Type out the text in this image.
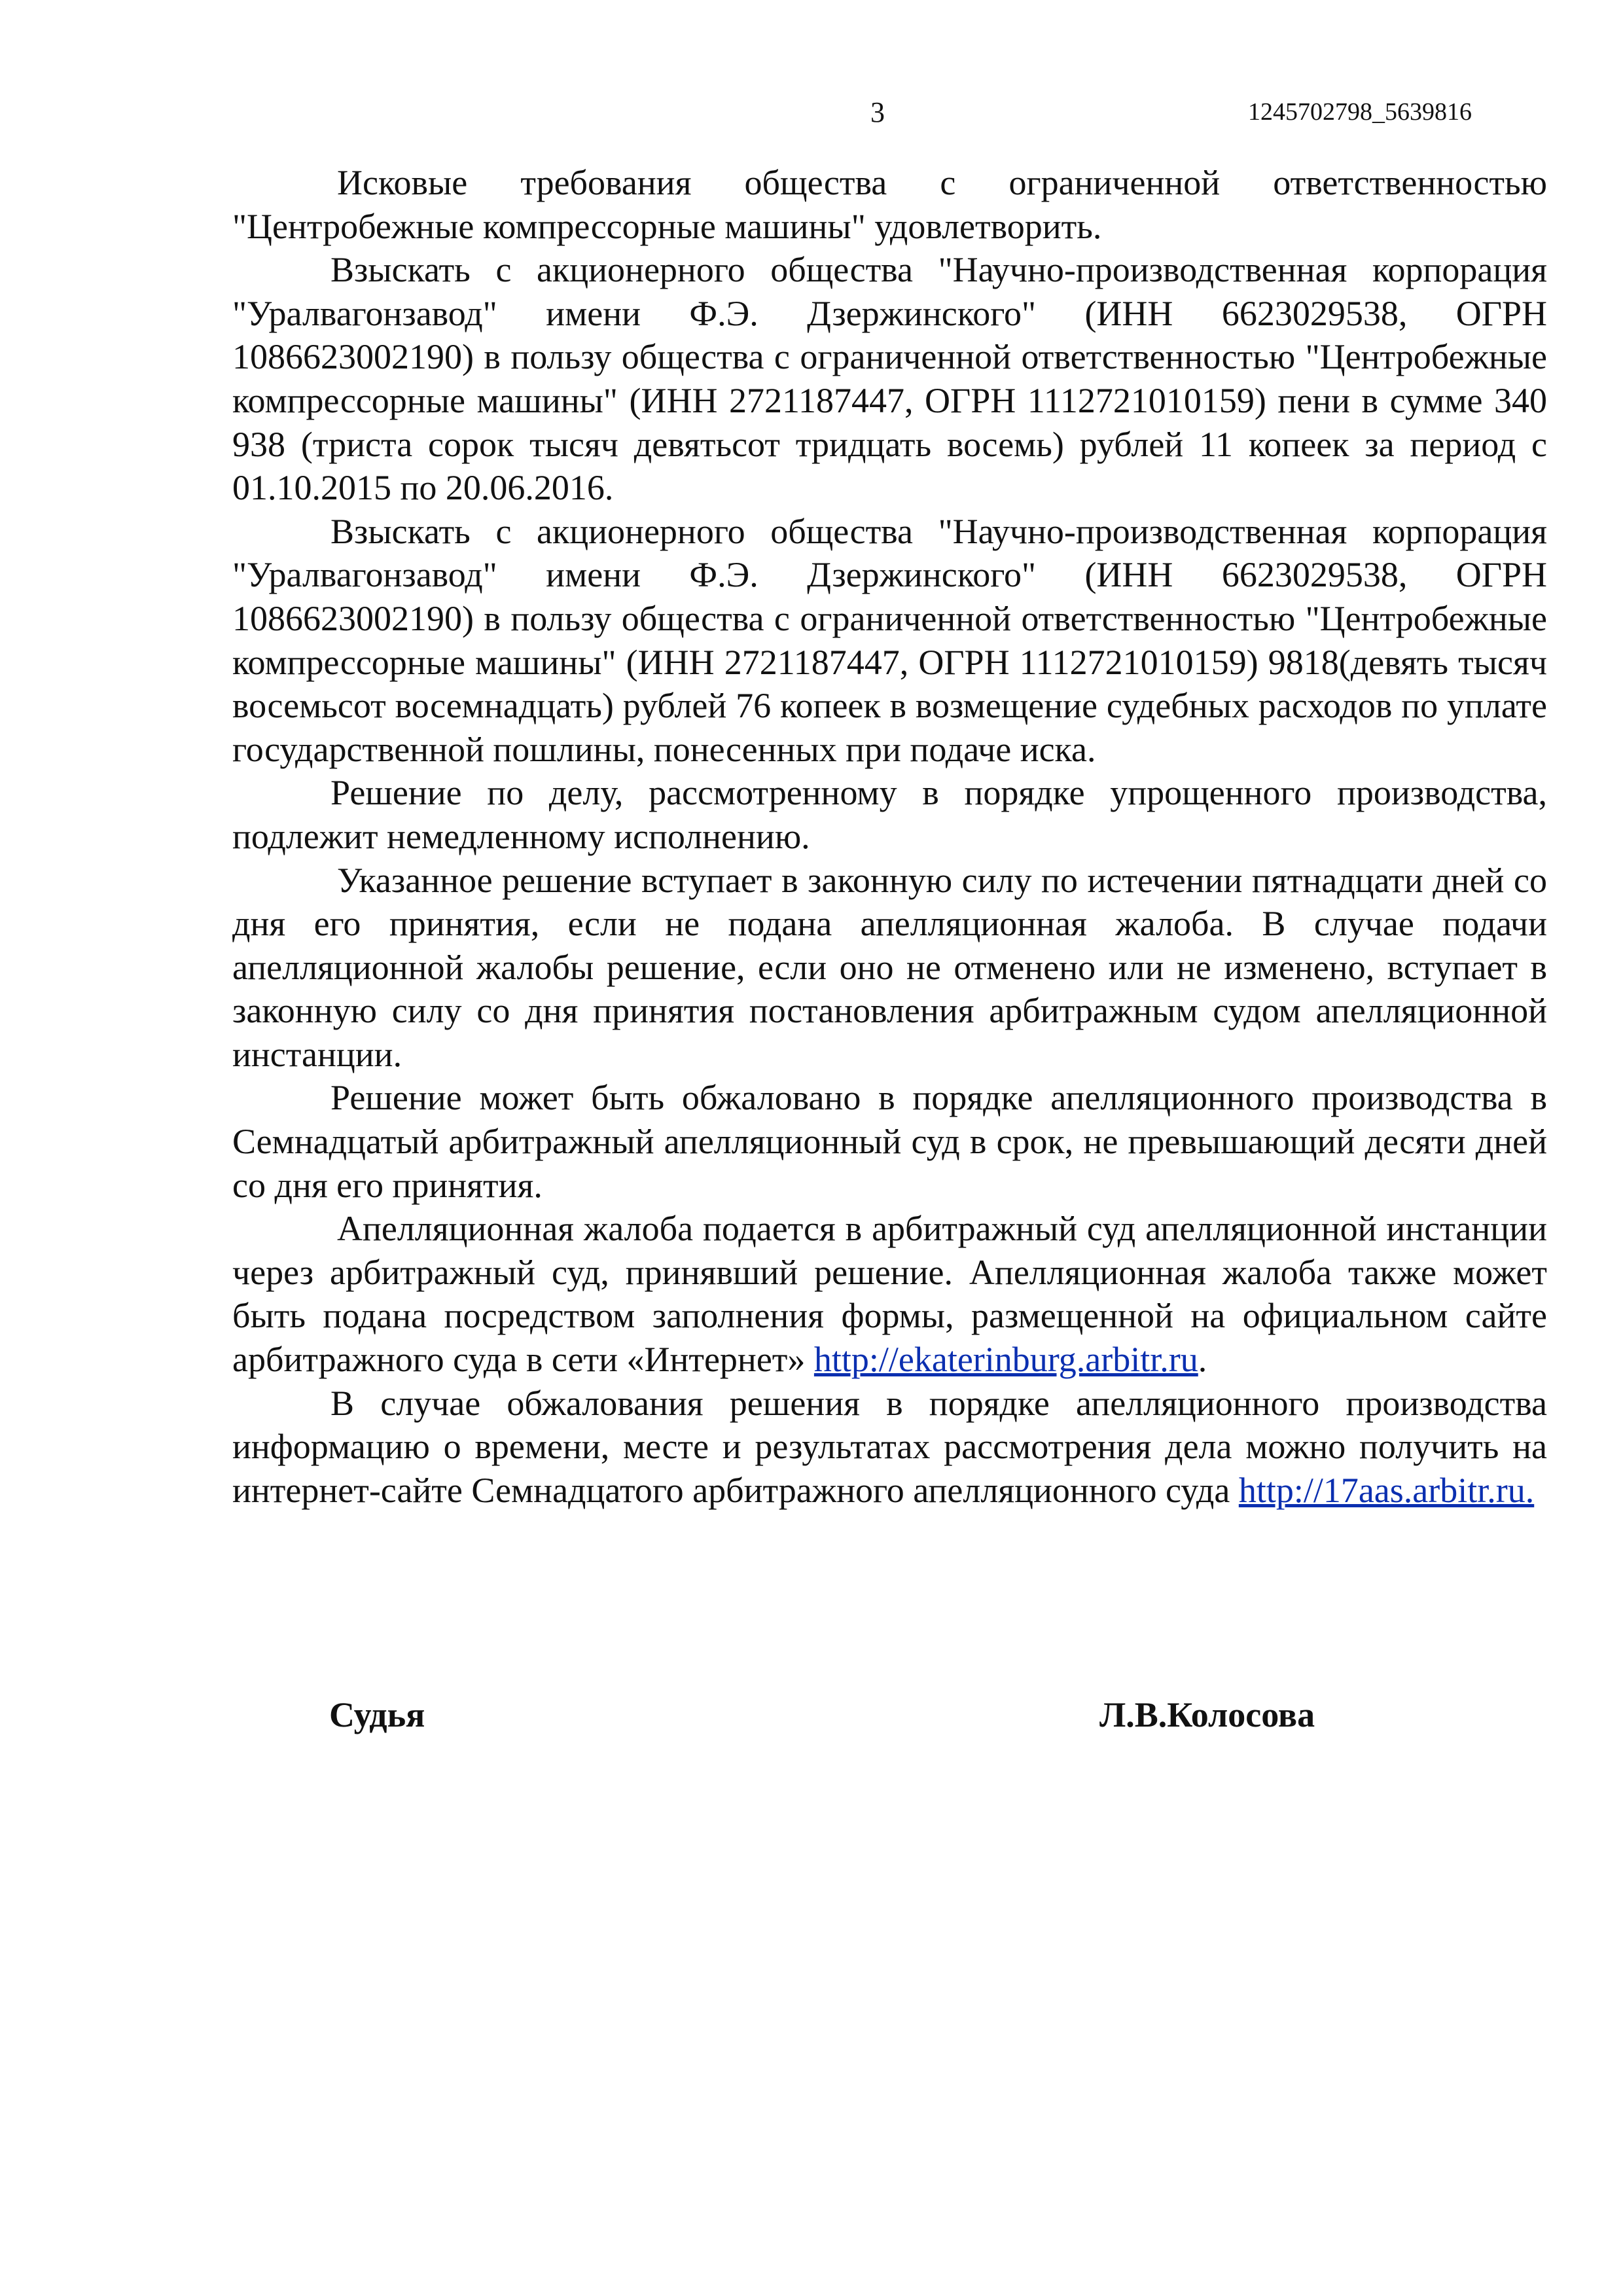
3	1245702798_5639816

Исковые требования общества с ограниченной ответственностью "Центробежные компрессорные машины" удовлетворить.

Взыскать с акционерного общества "Научно-производственная корпорация "Уралвагонзавод" имени Ф.Э. Дзержинского" (ИНН 6623029538, ОГРН 1086623002190) в пользу общества с ограниченной ответственностью "Центробежные компрессорные машины" (ИНН 2721187447, ОГРН 1112721010159) пени в сумме 340 938 (триста сорок тысяч девятьсот тридцать восемь) рублей 11 копеек за период с 01.10.2015 по 20.06.2016.

Взыскать с акционерного общества "Научно-производственная корпорация "Уралвагонзавод" имени Ф.Э. Дзержинского" (ИНН 6623029538, ОГРН 1086623002190) в пользу общества с ограниченной ответственностью "Центробежные компрессорные машины" (ИНН 2721187447, ОГРН 1112721010159) 9818(девять тысяч восемьсот восемнадцать) рублей 76 копеек в возмещение судебных расходов по уплате государственной пошлины, понесенных при подаче иска.

Решение по делу, рассмотренному в порядке упрощенного производства, подлежит немедленному исполнению.

Указанное решение вступает в законную силу по истечении пятнадцати дней со дня его принятия, если не подана апелляционная жалоба. В случае подачи апелляционной жалобы решение, если оно не отменено или не изменено, вступает в законную силу со дня принятия постановления арбитражным судом апелляционной инстанции.

Решение может быть обжаловано в порядке апелляционного производства в Семнадцатый арбитражный апелляционный суд в срок, не превышающий десяти дней со дня его принятия.

Апелляционная жалоба подается в арбитражный суд апелляционной инстанции через арбитражный суд, принявший решение. Апелляционная жалоба также может быть подана посредством заполнения формы, размещенной на официальном сайте арбитражного суда в сети «Интернет» http://ekaterinburg.arbitr.ru.

В случае обжалования решения в порядке апелляционного производства информацию о времени, месте и результатах рассмотрения дела можно получить на интернет-сайте Семнадцатого арбитражного апелляционного суда http://17aas.arbitr.ru.

Судья	Л.В.Колосова
